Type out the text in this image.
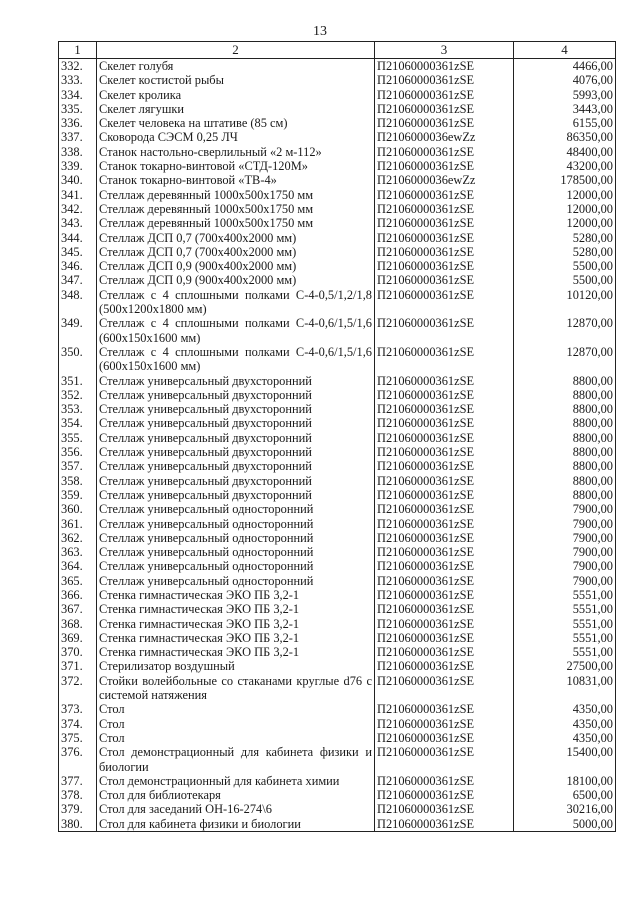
13
1	2	3	4
332.	Скелет голубя	П21060000361zSE	4466,00
333.	Скелет костистой рыбы	П21060000361zSE	4076,00
334.	Скелет кролика	П21060000361zSE	5993,00
335.	Скелет лягушки	П21060000361zSE	3443,00
336.	Скелет человека на штативе (85 см)	П21060000361zSE	6155,00
337.	Сковорода СЭСМ 0,25 ЛЧ	П2106000036ewZz	86350,00
338.	Станок настольно-сверлильный «2 м-112»	П21060000361zSE	48400,00
339.	Станок токарно-винтовой «СТД-120М»	П21060000361zSE	43200,00
340.	Станок токарно-винтовой «ТВ-4»	П2106000036ewZz	178500,00
341.	Стеллаж деревянный 1000х500х1750 мм	П21060000361zSE	12000,00
342.	Стеллаж деревянный 1000х500х1750 мм	П21060000361zSE	12000,00
343.	Стеллаж деревянный 1000х500х1750 мм	П21060000361zSE	12000,00
344.	Стеллаж ДСП 0,7 (700х400х2000 мм)	П21060000361zSE	5280,00
345.	Стеллаж ДСП 0,7 (700х400х2000 мм)	П21060000361zSE	5280,00
346.	Стеллаж ДСП 0,9 (900х400х2000 мм)	П21060000361zSE	5500,00
347.	Стеллаж ДСП 0,9 (900х400х2000 мм)	П21060000361zSE	5500,00
348.	Стеллаж с 4 сплошными полками С-4-0,5/1,2/1,8 (500х1200х1800 мм)	П21060000361zSE	10120,00
349.	Стеллаж с 4 сплошными полками С-4-0,6/1,5/1,6 (600х150х1600 мм)	П21060000361zSE	12870,00
350.	Стеллаж с 4 сплошными полками С-4-0,6/1,5/1,6 (600х150х1600 мм)	П21060000361zSE	12870,00
351.	Стеллаж универсальный двухсторонний	П21060000361zSE	8800,00
352.	Стеллаж универсальный двухсторонний	П21060000361zSE	8800,00
353.	Стеллаж универсальный двухсторонний	П21060000361zSE	8800,00
354.	Стеллаж универсальный двухсторонний	П21060000361zSE	8800,00
355.	Стеллаж универсальный двухсторонний	П21060000361zSE	8800,00
356.	Стеллаж универсальный двухсторонний	П21060000361zSE	8800,00
357.	Стеллаж универсальный двухсторонний	П21060000361zSE	8800,00
358.	Стеллаж универсальный двухсторонний	П21060000361zSE	8800,00
359.	Стеллаж универсальный двухсторонний	П21060000361zSE	8800,00
360.	Стеллаж универсальный односторонний	П21060000361zSE	7900,00
361.	Стеллаж универсальный односторонний	П21060000361zSE	7900,00
362.	Стеллаж универсальный односторонний	П21060000361zSE	7900,00
363.	Стеллаж универсальный односторонний	П21060000361zSE	7900,00
364.	Стеллаж универсальный односторонний	П21060000361zSE	7900,00
365.	Стеллаж универсальный односторонний	П21060000361zSE	7900,00
366.	Стенка гимнастическая ЭКО ПБ 3,2-1	П21060000361zSE	5551,00
367.	Стенка гимнастическая ЭКО ПБ 3,2-1	П21060000361zSE	5551,00
368.	Стенка гимнастическая ЭКО ПБ 3,2-1	П21060000361zSE	5551,00
369.	Стенка гимнастическая ЭКО ПБ 3,2-1	П21060000361zSE	5551,00
370.	Стенка гимнастическая ЭКО ПБ 3,2-1	П21060000361zSE	5551,00
371.	Стерилизатор воздушный	П21060000361zSE	27500,00
372.	Стойки волейбольные со стаканами круглые d76 с системой натяжения	П21060000361zSE	10831,00
373.	Стол	П21060000361zSE	4350,00
374.	Стол	П21060000361zSE	4350,00
375.	Стол	П21060000361zSE	4350,00
376.	Стол демонстрационный для кабинета физики и биологии	П21060000361zSE	15400,00
377.	Стол демонстрационный для кабинета химии	П21060000361zSE	18100,00
378.	Стол для библиотекаря	П21060000361zSE	6500,00
379.	Стол для заседаний ОН-16-274\6	П21060000361zSE	30216,00
380.	Стол для кабинета физики и биологии	П21060000361zSE	5000,00
